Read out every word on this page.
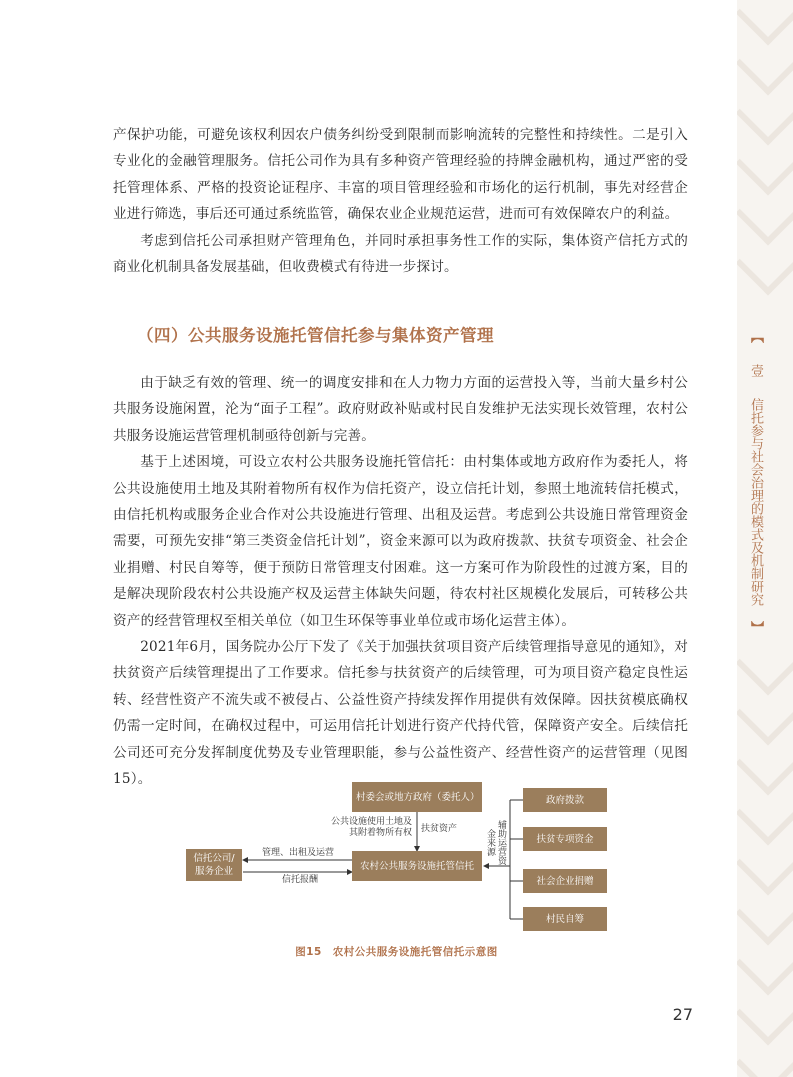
【 壹 信托参与社会治理的模式及机制研究 】

产保护功能，可避免该权利因农户债务纠纷受到限制而影响流转的完整性和持续性。二是引入专业化的金融管理服务。信托公司作为具有多种资产管理经验的持牌金融机构，通过严密的受托管理体系、严格的投资论证程序、丰富的项目管理经验和市场化的运行机制，事先对经营企业进行筛选，事后还可通过系统监管，确保农业企业规范运营，进而可有效保障农户的利益。

考虑到信托公司承担财产管理角色，并同时承担事务性工作的实际，集体资产信托方式的商业化机制具备发展基础，但收费模式有待进一步探讨。

（四）公共服务设施托管信托参与集体资产管理

由于缺乏有效的管理、统一的调度安排和在人力物力方面的运营投入等，当前大量乡村公共服务设施闲置，沦为“面子工程”。政府财政补贴或村民自发维护无法实现长效管理，农村公共服务设施运营管理机制亟待创新与完善。

基于上述困境，可设立农村公共服务设施托管信托：由村集体或地方政府作为委托人，将公共设施使用土地及其附着物所有权作为信托资产，设立信托计划，参照土地流转信托模式，由信托机构或服务企业合作对公共设施进行管理、出租及运营。考虑到公共设施日常管理资金需要，可预先安排“第三类资金信托计划”，资金来源可以为政府拨款、扶贫专项资金、社会企业捐赠、村民自筹等，便于预防日常管理支付困难。这一方案可作为阶段性的过渡方案，目的是解决现阶段农村公共设施产权及运营主体缺失问题，待农村社区规模化发展后，可转移公共资产的经营管理权至相关单位（如卫生环保等事业单位或市场化运营主体）。

2021年6月，国务院办公厅下发了《关于加强扶贫项目资产后续管理指导意见的通知》，对扶贫资产后续管理提出了工作要求。信托参与扶贫资产的后续管理，可为项目资产稳定良性运转、经营性资产不流失或不被侵占、公益性资产持续发挥作用提供有效保障。因扶贫模底确权仍需一定时间，在确权过程中，可运用信托计划进行资产代持代管，保障资产安全。后续信托公司还可充分发挥制度优势及专业管理职能，参与公益性资产、经营性资产的运营管理（见图15）。

村委会或地方政府（委托人）
农村公共服务设施托管信托
信托公司/服务企业
政府拨款
扶贫专项资金
社会企业捐赠
村民自筹
公共设施使用土地及其附着物所有权 扶贫资产	辅助运营资金来源
管理、出租及运营
信托报酬
图15　农村公共服务设施托管信托示意图
27
